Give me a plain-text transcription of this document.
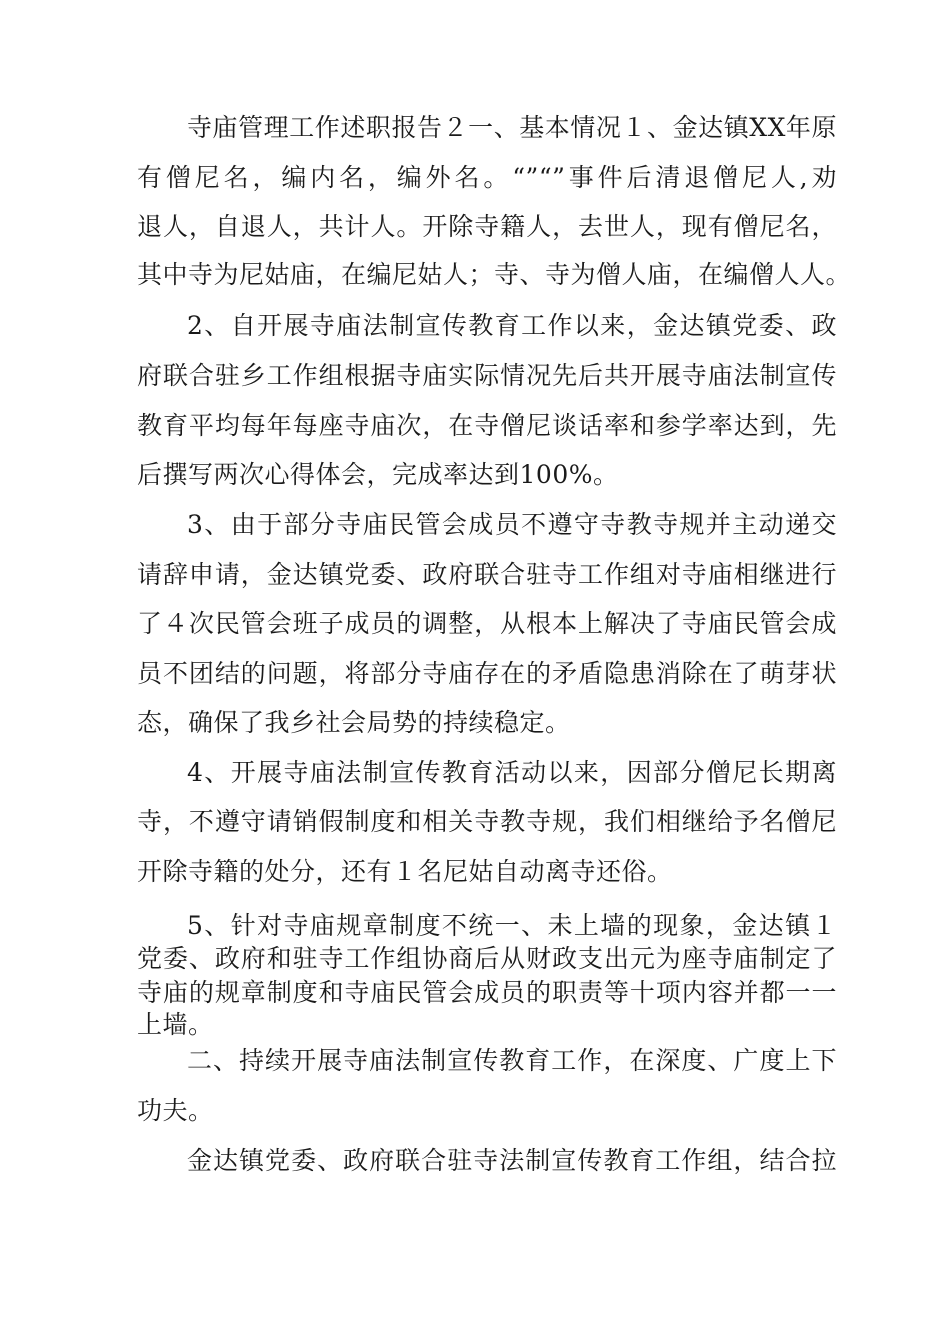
寺庙管理工作述职报告２一、基本情况１、金达镇XX年原
有僧尼名，编内名，编外名。“”“”事件后清退僧尼人,劝
退人，自退人，共计人。开除寺籍人，去世人，现有僧尼名，
其中寺为尼姑庙，在编尼姑人；寺、寺为僧人庙，在编僧人人。
2、自开展寺庙法制宣传教育工作以来，金达镇党委、政
府联合驻乡工作组根据寺庙实际情况先后共开展寺庙法制宣传
教育平均每年每座寺庙次，在寺僧尼谈话率和参学率达到，先
后撰写两次心得体会，完成率达到100%。
3、由于部分寺庙民管会成员不遵守寺教寺规并主动递交
请辞申请，金达镇党委、政府联合驻寺工作组对寺庙相继进行
了４次民管会班子成员的调整，从根本上解决了寺庙民管会成
员不团结的问题，将部分寺庙存在的矛盾隐患消除在了萌芽状
态，确保了我乡社会局势的持续稳定。
4、开展寺庙法制宣传教育活动以来，因部分僧尼长期离
寺，不遵守请销假制度和相关寺教寺规，我们相继给予名僧尼
开除寺籍的处分，还有１名尼姑自动离寺还俗。
5、针对寺庙规章制度不统一、未上墙的现象，金达镇１
党委、政府和驻寺工作组协商后从财政支出元为座寺庙制定了
寺庙的规章制度和寺庙民管会成员的职责等十项内容并都一一
上墙。
二、持续开展寺庙法制宣传教育工作，在深度、广度上下
功夫。
金达镇党委、政府联合驻寺法制宣传教育工作组，结合拉
